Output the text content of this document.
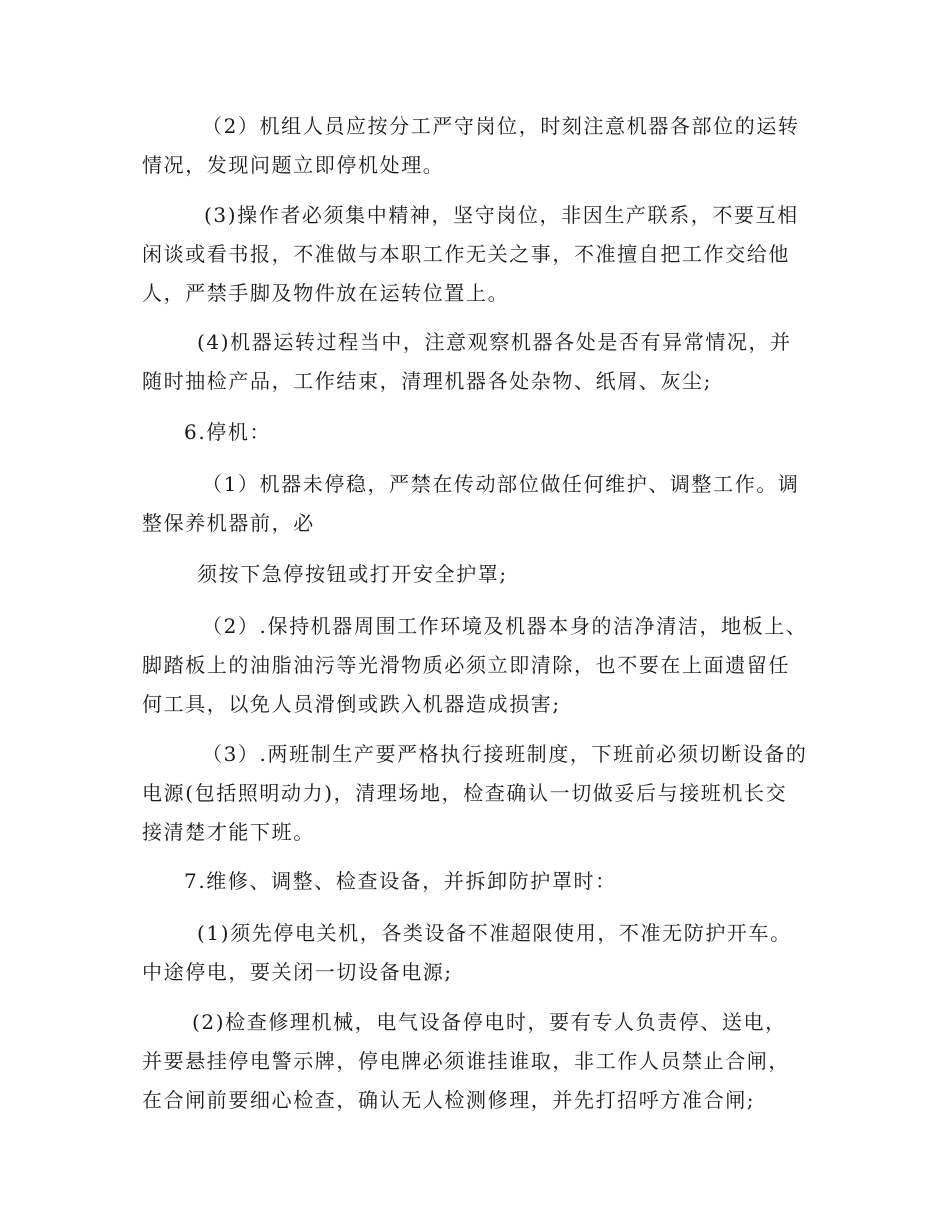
（2）机组人员应按分工严守岗位，时刻注意机器各部位的运转
情况，发现问题立即停机处理。
(3)操作者必须集中精神，坚守岗位，非因生产联系，不要互相
闲谈或看书报，不准做与本职工作无关之事，不准擅自把工作交给他
人，严禁手脚及物件放在运转位置上。
(4)机器运转过程当中，注意观察机器各处是否有异常情况，并
随时抽检产品，工作结束，清理机器各处杂物、纸屑、灰尘;
6.停机：
（1）机器未停稳，严禁在传动部位做任何维护、调整工作。调
整保养机器前，必
须按下急停按钮或打开安全护罩;
（2）.保持机器周围工作环境及机器本身的洁净清洁，地板上、
脚踏板上的油脂油污等光滑物质必须立即清除，也不要在上面遗留任
何工具，以免人员滑倒或跌入机器造成损害;
（3）.两班制生产要严格执行接班制度，下班前必须切断设备的
电源(包括照明动力)，清理场地，检查确认一切做妥后与接班机长交
接清楚才能下班。
7.维修、调整、检查设备，并拆卸防护罩时：
(1)须先停电关机，各类设备不准超限使用，不准无防护开车。
中途停电，要关闭一切设备电源;
(2)检查修理机械，电气设备停电时，要有专人负责停、送电，
并要悬挂停电警示牌，停电牌必须谁挂谁取，非工作人员禁止合闸，
在合闸前要细心检查，确认无人检测修理，并先打招呼方准合闸;
